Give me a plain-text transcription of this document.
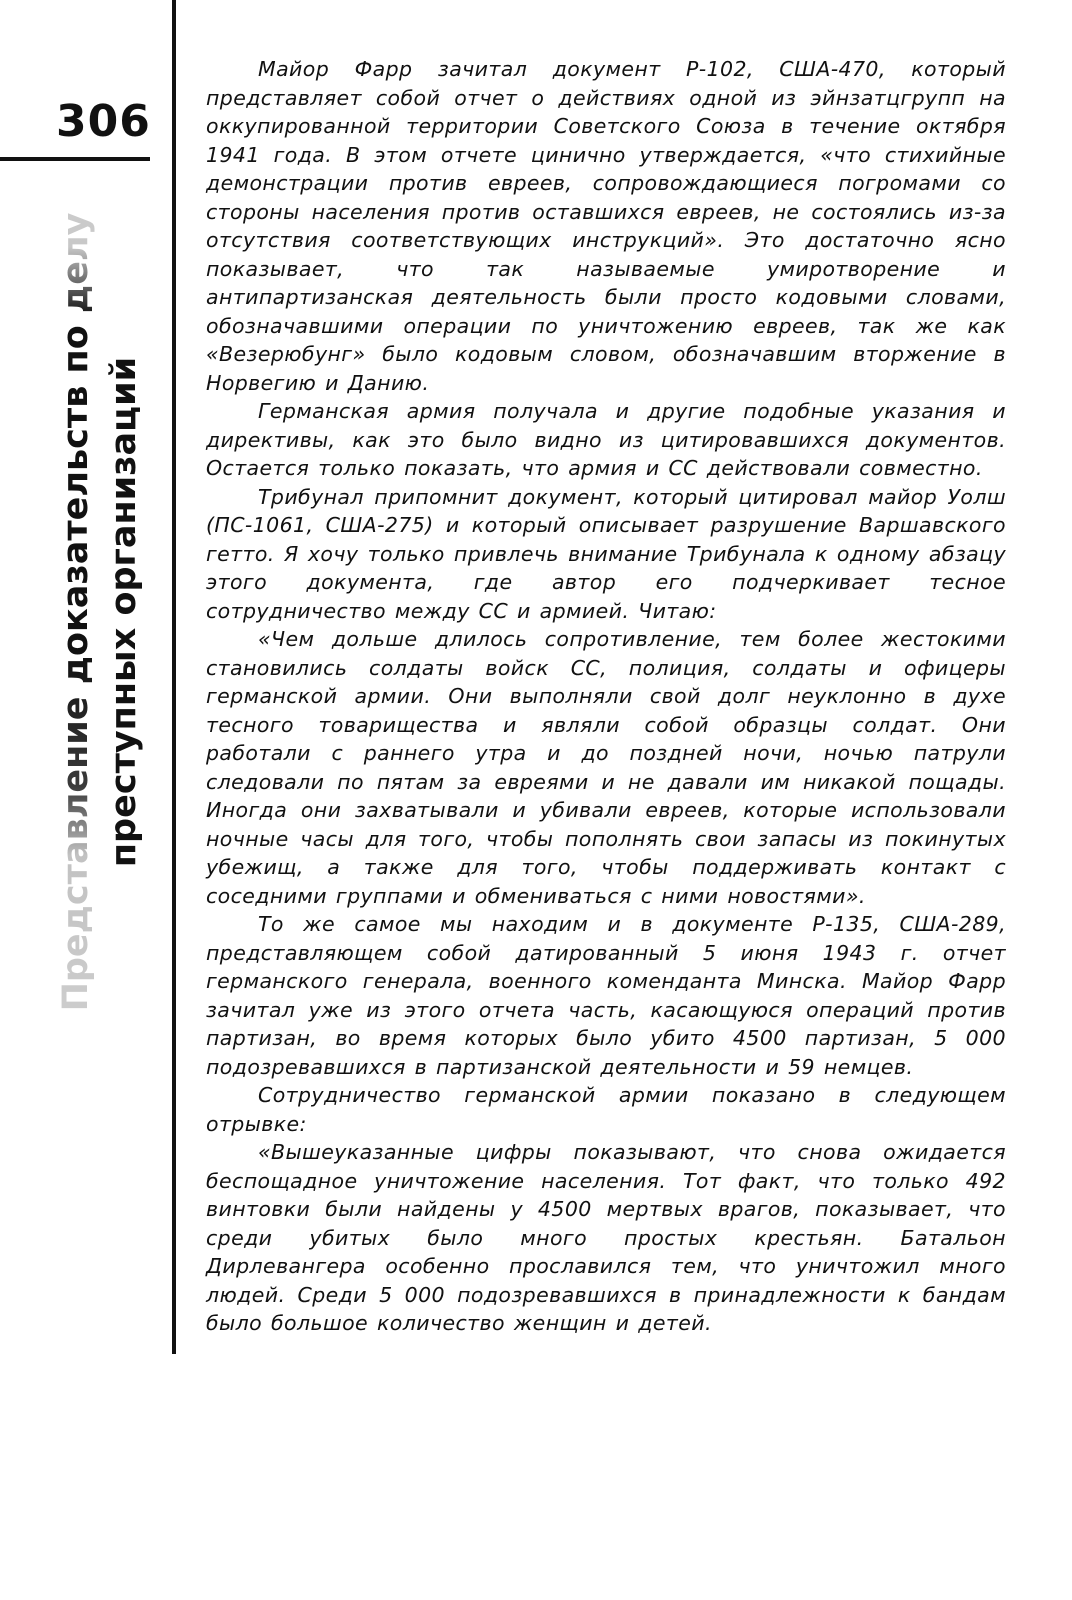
306
Представление доказательств по делу преступных организаций

Майор Фарр зачитал документ Р-102, США-470, который представляет собой отчет о действиях одной из эйнзатцгрупп на оккупированной территории Советского Союза в течение октября 1941 года. В этом отчете цинично утверждается, «что стихийные демонстрации против евреев, сопровождающиеся погромами со стороны населения против оставшихся евреев, не состоялись из-за отсутствия соответствующих инструкций». Это достаточно ясно показывает, что так называемые умиротворение и антипартизанская деятельность были просто кодовыми словами, обозначавшими операции по уничтожению евреев, так же как «Везерюбунг» было кодовым словом, обозначавшим вторжение в Норвегию и Данию.

Германская армия получала и другие подобные указания и директивы, как это было видно из цитировавшихся документов. Остается только показать, что армия и СС действовали совместно.

Трибунал припомнит документ, который цитировал майор Уолш (ПС-1061, США-275) и который описывает разрушение Варшавского гетто. Я хочу только привлечь внимание Трибунала к одному абзацу этого документа, где автор его подчеркивает тесное сотрудничество между СС и армией. Читаю:

«Чем дольше длилось сопротивление, тем более жестокими становились солдаты войск СС, полиция, солдаты и офицеры германской армии. Они выполняли свой долг неуклонно в духе тесного товарищества и являли собой образцы солдат. Они работали с раннего утра и до поздней ночи, ночью патрули следовали по пятам за евреями и не давали им никакой пощады. Иногда они захватывали и убивали евреев, которые использовали ночные часы для того, чтобы пополнять свои запасы из покинутых убежищ, а также для того, чтобы поддерживать контакт с соседними группами и обмениваться с ними новостями».

То же самое мы находим и в документе Р-135, США-289, представляющем собой датированный 5 июня 1943 г. отчет германского генерала, военного коменданта Минска. Майор Фарр зачитал уже из этого отчета часть, касающуюся операций против партизан, во время которых было убито 4500 партизан, 5 000 подозревавшихся в партизанской деятельности и 59 немцев.

Сотрудничество германской армии показано в следующем отрывке:

«Вышеуказанные цифры показывают, что снова ожидается беспощадное уничтожение населения. Тот факт, что только 492 винтовки были найдены у 4500 мертвых врагов, показывает, что среди убитых было много простых крестьян. Батальон Дирлевангера особенно прославился тем, что уничтожил много людей. Среди 5 000 подозревавшихся в принадлежности к бандам было большое количество женщин и детей.
